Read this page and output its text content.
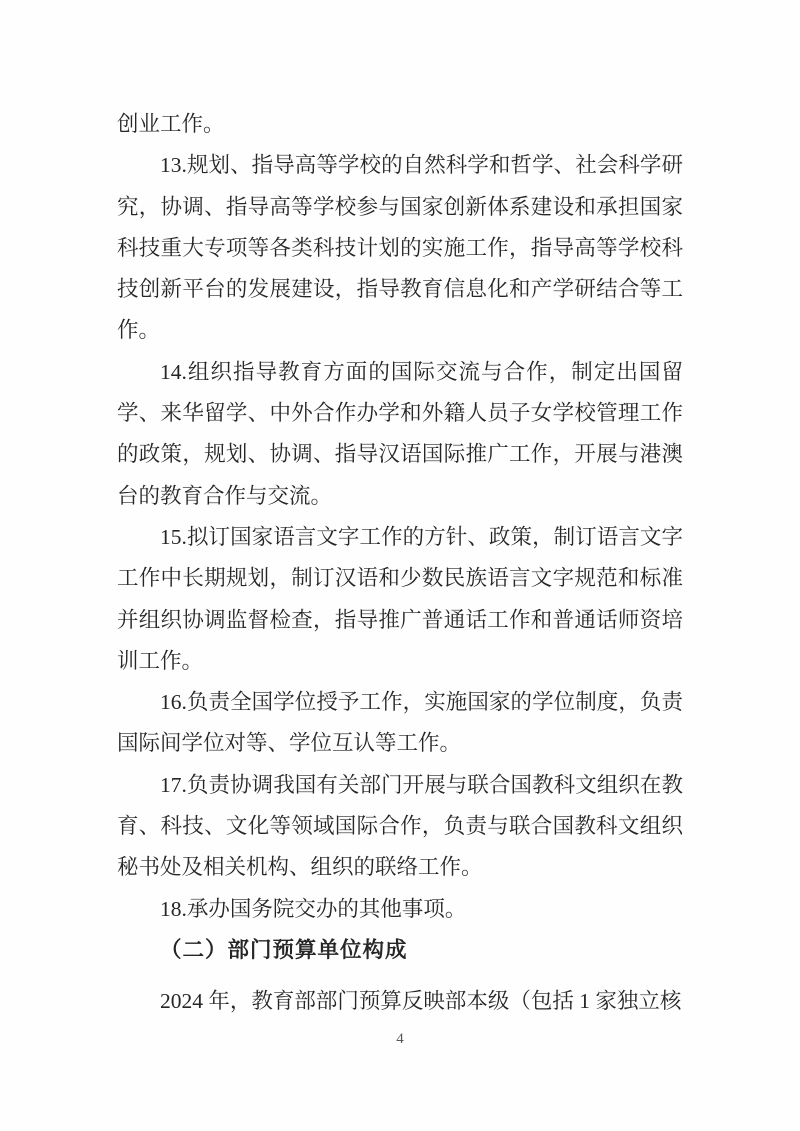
创业工作。

13.规划、指导高等学校的自然科学和哲学、社会科学研究，协调、指导高等学校参与国家创新体系建设和承担国家科技重大专项等各类科技计划的实施工作，指导高等学校科技创新平台的发展建设，指导教育信息化和产学研结合等工作。

14.组织指导教育方面的国际交流与合作，制定出国留学、来华留学、中外合作办学和外籍人员子女学校管理工作的政策，规划、协调、指导汉语国际推广工作，开展与港澳台的教育合作与交流。

15.拟订国家语言文字工作的方针、政策，制订语言文字工作中长期规划，制订汉语和少数民族语言文字规范和标准并组织协调监督检查，指导推广普通话工作和普通话师资培训工作。

16.负责全国学位授予工作，实施国家的学位制度，负责国际间学位对等、学位互认等工作。

17.负责协调我国有关部门开展与联合国教科文组织在教育、科技、文化等领域国际合作，负责与联合国教科文组织秘书处及相关机构、组织的联络工作。

18.承办国务院交办的其他事项。

（二）部门预算单位构成

2024 年，教育部部门预算反映部本级（包括 1 家独立核

4
